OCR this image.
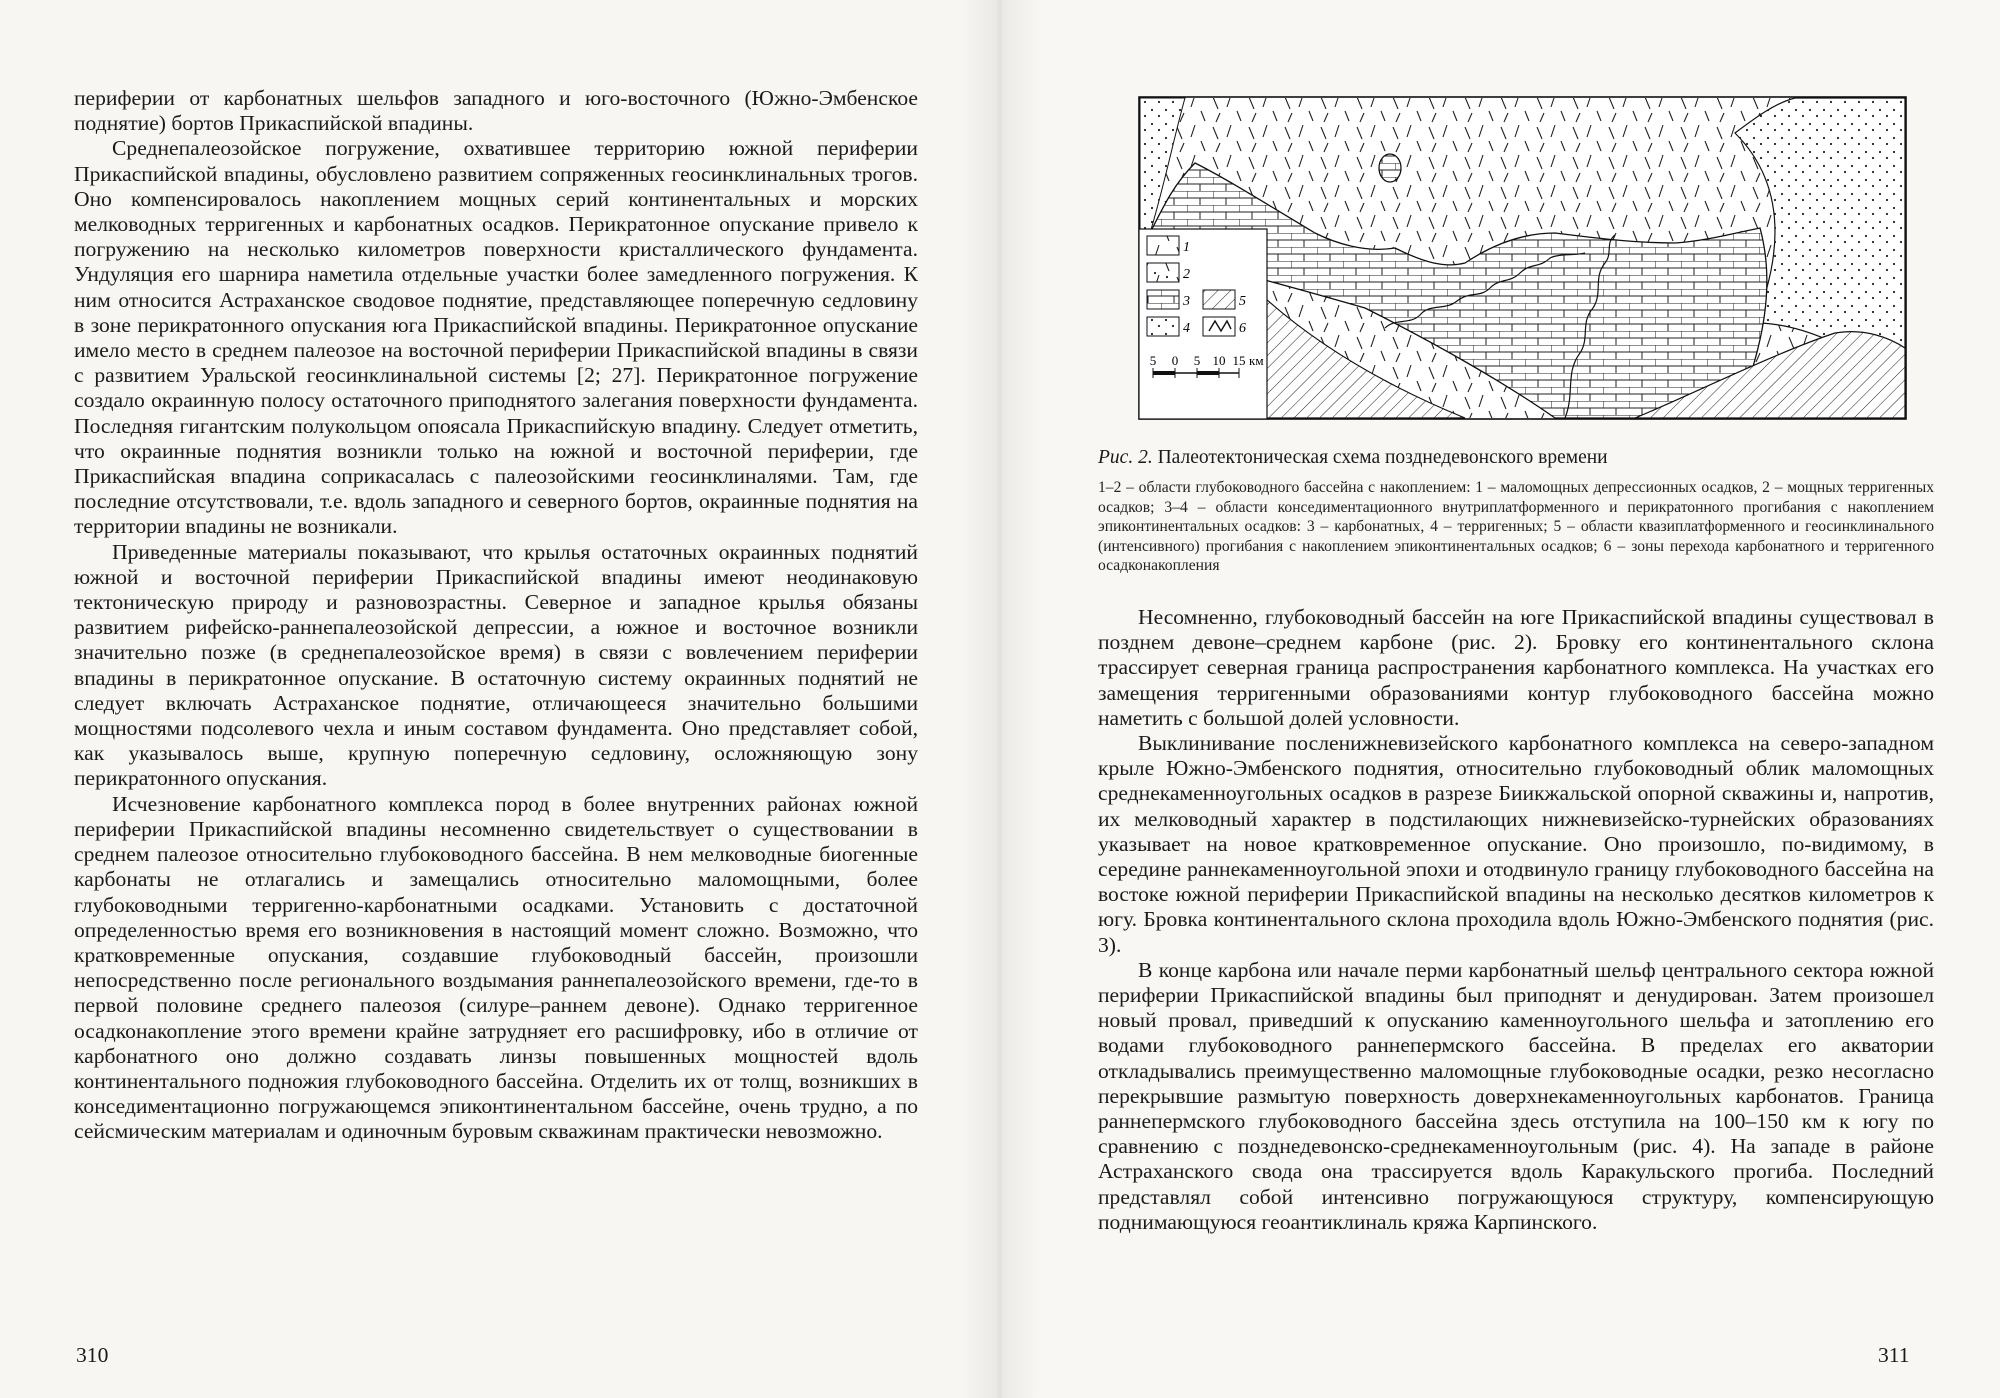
периферии от карбонатных шельфов западного и юго-восточного (Южно-Эмбенское поднятие) бортов Прикаспийской впадины.

Среднепалеозойское погружение, охватившее территорию южной периферии Прикаспийской впадины, обусловлено развитием сопряженных геосинклинальных трогов. Оно компенсировалось накоплением мощных серий континентальных и морских мелководных терригенных и карбонатных осадков. Перикратонное опускание привело к погружению на несколько километров поверхности кристаллического фундамента. Ундуляция его шарнира наметила отдельные участки более замедленного погружения. К ним относится Астраханское сводовое поднятие, представляющее поперечную седловину в зоне перикратонного опускания юга Прикаспийской впадины. Перикратонное опускание имело место в среднем палеозое на восточной периферии Прикаспийской впадины в связи с развитием Уральской геосинклинальной системы [2; 27]. Перикратонное погружение создало окраинную полосу остаточного приподнятого залегания поверхности фундамента. Последняя гигантским полукольцом опоясала Прикаспийскую впадину. Следует отметить, что окраинные поднятия возникли только на южной и восточной периферии, где Прикаспийская впадина соприкасалась с палеозойскими геосинклиналями. Там, где последние отсутствовали, т.е. вдоль западного и северного бортов, окраинные поднятия на территории впадины не возникали.

Приведенные материалы показывают, что крылья остаточных окраинных поднятий южной и восточной периферии Прикаспийской впадины имеют неодинаковую тектоническую природу и разновозрастны. Северное и западное крылья обязаны развитием рифейско-раннепалеозойской депрессии, а южное и восточное возникли значительно позже (в среднепалеозойское время) в связи с вовлечением периферии впадины в перикратонное опускание. В остаточную систему окраинных поднятий не следует включать Астраханское поднятие, отличающееся значительно большими мощностями подсолевого чехла и иным составом фундамента. Оно представляет собой, как указывалось выше, крупную поперечную седловину, осложняющую зону перикратонного опускания.

Исчезновение карбонатного комплекса пород в более внутренних районах южной периферии Прикаспийской впадины несомненно свидетельствует о существовании в среднем палеозое относительно глубоководного бассейна. В нем мелководные биогенные карбонаты не отлагались и замещались относительно маломощными, более глубоководными терригенно-карбонатными осадками. Установить с достаточной определенностью время его возникновения в настоящий момент сложно. Возможно, что кратковременные опускания, создавшие глубоководный бассейн, произошли непосредственно после регионального воздымания раннепалеозойского времени, где-то в первой половине среднего палеозоя (силуре–раннем девоне). Однако терригенное осадконакопление этого времени крайне затрудняет его расшифровку, ибо в отличие от карбонатного оно должно создавать линзы повышенных мощностей вдоль континентального подножия глубоководного бассейна. Отделить их от толщ, возникших в конседиментационно погружающемся эпиконтинентальном бассейне, очень трудно, а по сейсмическим материалам и одиночным буровым скважинам практически невозможно.

310
1
2
3
4
5
6
5 0 5 10 15 км
Рис. 2. Палеотектоническая схема позднедевонского времени
1–2 – области глубоководного бассейна с накоплением: 1 – маломощных депрессионных осадков, 2 – мощных терригенных осадков; 3–4 – области конседиментационного внутриплатформенного и перикратонного прогибания с накоплением эпиконтинентальных осадков: 3 – карбонатных, 4 – терригенных; 5 – области квазиплатформенного и геосинклинального (интенсивного) прогибания с накоплением эпиконтинентальных осадков; 6 – зоны перехода карбонатного и терригенного осадконакопления

Несомненно, глубоководный бассейн на юге Прикаспийской впадины существовал в позднем девоне–среднем карбоне (рис. 2). Бровку его континентального склона трассирует северная граница распространения карбонатного комплекса. На участках его замещения терригенными образованиями контур глубоководного бассейна можно наметить с большой долей условности.

Выклинивание посленижневизейского карбонатного комплекса на северо-западном крыле Южно-Эмбенского поднятия, относительно глубоководный облик маломощных среднекаменноугольных осадков в разрезе Биикжальской опорной скважины и, напротив, их мелководный характер в подстилающих нижневизейско-турнейских образованиях указывает на новое кратковременное опускание. Оно произошло, по-видимому, в середине раннекаменноугольной эпохи и отодвинуло границу глубоководного бассейна на востоке южной периферии Прикаспийской впадины на несколько десятков километров к югу. Бровка континентального склона проходила вдоль Южно-Эмбенского поднятия (рис. 3).

В конце карбона или начале перми карбонатный шельф центрального сектора южной периферии Прикаспийской впадины был приподнят и денудирован. Затем произошел новый провал, приведший к опусканию каменноугольного шельфа и затоплению его водами глубоководного раннепермского бассейна. В пределах его акватории откладывались преимущественно маломощные глубоководные осадки, резко несогласно перекрывшие размытую поверхность доверхнекаменноугольных карбонатов. Граница раннепермского глубоководного бассейна здесь отступила на 100–150 км к югу по сравнению с позднедевонско-среднекаменноугольным (рис. 4). На западе в районе Астраханского свода она трассируется вдоль Каракульского прогиба. Последний представлял собой интенсивно погружающуюся структуру, компенсирующую поднимающуюся геоантиклиналь кряжа Карпинского.

311
